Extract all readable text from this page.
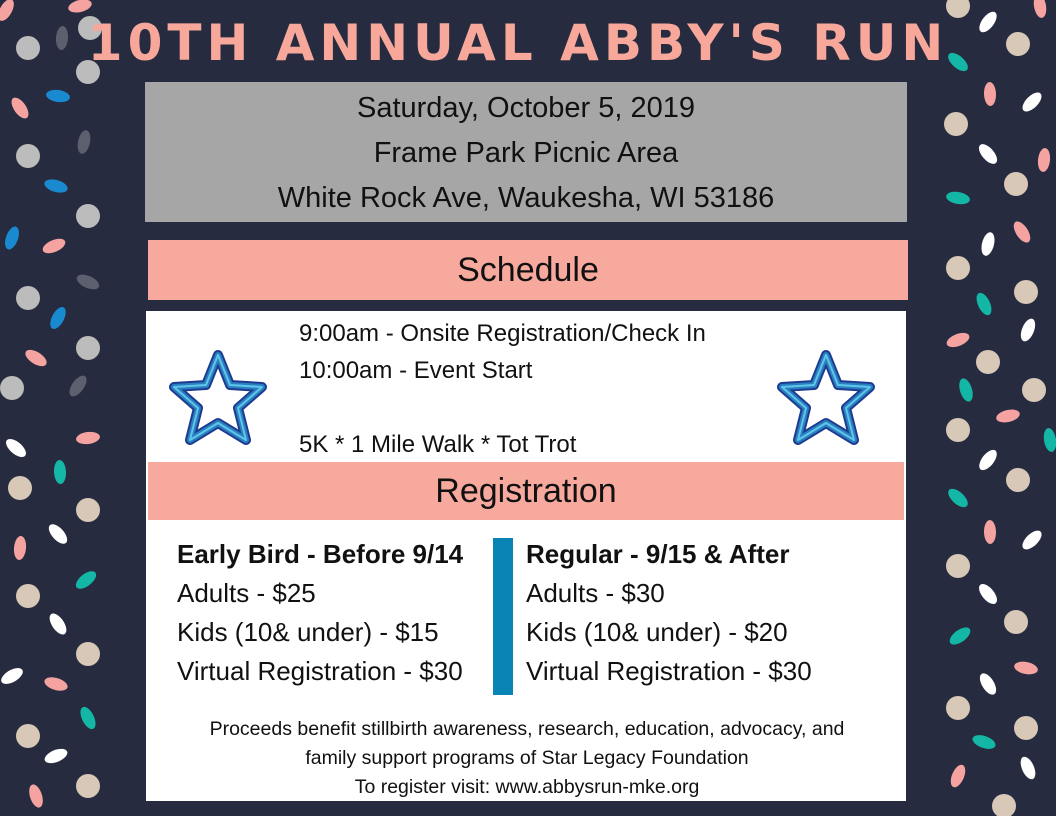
10TH ANNUAL ABBY'S RUN
Saturday, October 5, 2019
Frame Park Picnic Area
White Rock Ave, Waukesha, WI 53186
Schedule
9:00am - Onsite Registration/Check In
10:00am - Event Start
5K * 1 Mile Walk * Tot Trot
Registration
Early Bird - Before 9/14
Adults - $25
Kids (10& under) - $15
Virtual Registration - $30
Regular - 9/15 & After
Adults - $30
Kids (10& under) - $20
Virtual Registration - $30
Proceeds benefit stillbirth awareness, research, education, advocacy, and
family support programs of Star Legacy Foundation
To register visit: www.abbysrun-mke.org
